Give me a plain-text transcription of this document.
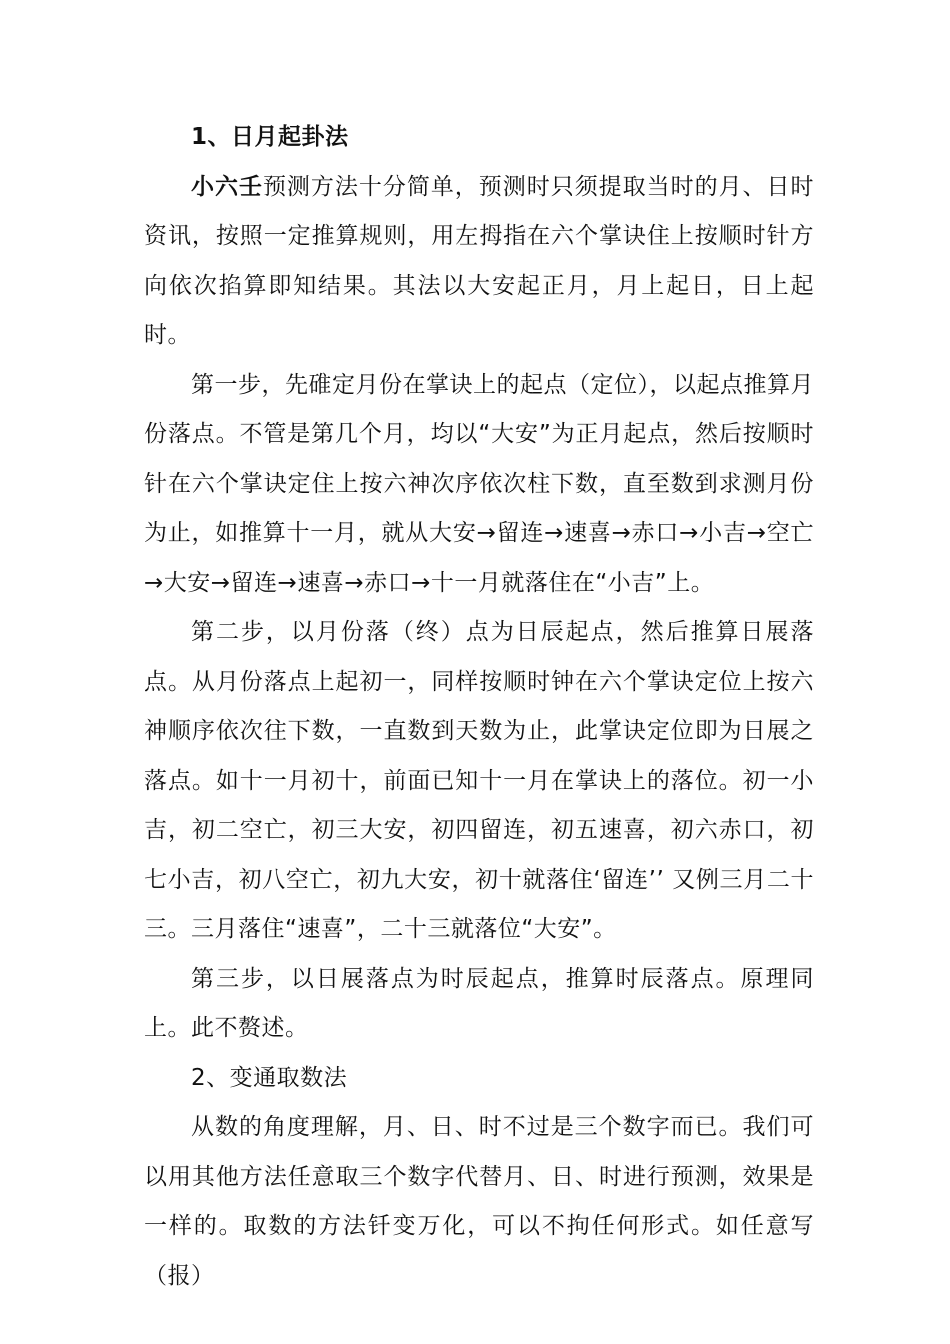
1、日月起卦法

小六壬预测方法十分简单，预测时只须提取当时的月、日时资讯，按照一定推算规则，用左拇指在六个掌诀住上按顺时针方向依次掐算即知结果。其法以大安起正月，月上起日，日上起时。

第一步，先碓定月份在掌诀上的起点（定位），以起点推算月份落点。不管是第几个月，均以“大安”为正月起点，然后按顺时针在六个掌诀定住上按六神次序依次柱下数，直至数到求测月份为止，如推算十一月，就从大安→留连→速喜→赤口→小吉→空亡→大安→留连→速喜→赤口→十一月就落住在“小吉”上。

第二步，以月份落（终）点为日辰起点，然后推算日展落点。从月份落点上起初一，同样按顺时钟在六个掌诀定位上按六神顺序依次往下数，一直数到天数为止，此掌诀定位即为日展之落点。如十一月初十，前面已知十一月在掌诀上的落位。初一小吉，初二空亡，初三大安，初四留连，初五速喜，初六赤口，初七小吉，初八空亡，初九大安，初十就落住‘留连’’ 又例三月二十三。三月落住“速喜”，二十三就落位“大安”。

第三步，以日展落点为时辰起点，推算时辰落点。原理同上。此不赘述。

2、变通取数法

从数的角度理解，月、日、时不过是三个数字而已。我们可以用其他方法任意取三个数字代替月、日、时进行预测，效果是一样的。取数的方法钎变万化，可以不拘任何形式。如任意写（报）
